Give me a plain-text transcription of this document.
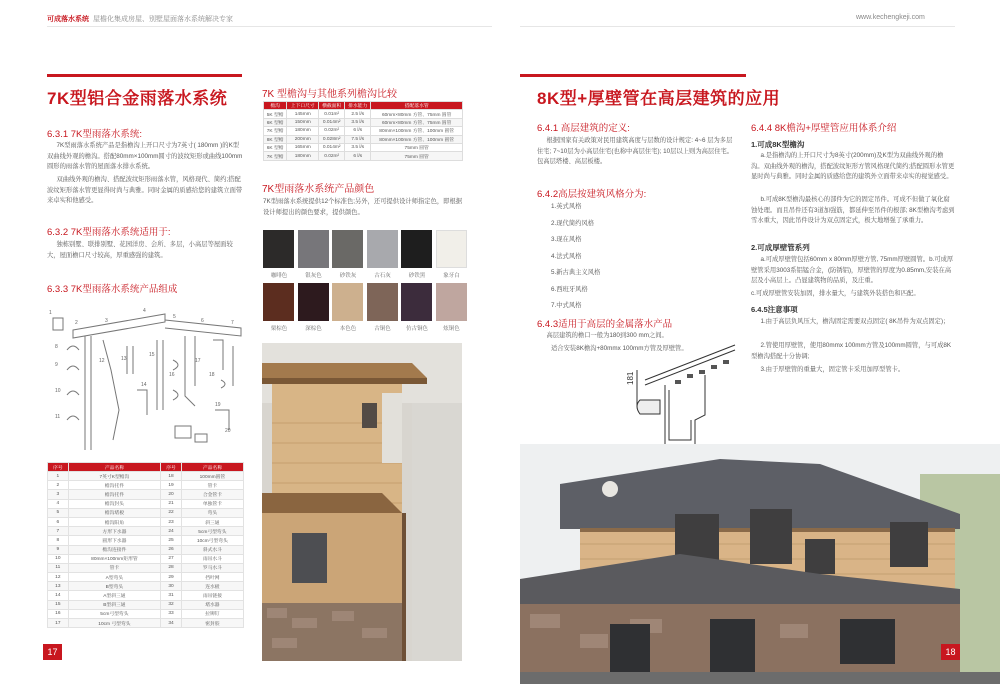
可成落水系统 屋檐化集成房屋、别墅屋面落水系统解决专家	www.kechengkeji.com
7K型铝合金雨落水系统
6.3.1 7K型雨落水系统:
7K型雨落水系统产品是指檐沟上开口尺寸为7英寸( 180mm )的K型双曲线外观的檐沟。搭配80mm×100mm圆寸的波纹矩形或曲线100mm圆形的雨落水管的屋面落水排水系统。
双曲线外观的檐沟、搭配波纹矩形雨落水管，风格现代、简约;搭配波纹矩形落水管更显得时尚与典雅。同时金属的质感给您的建筑立面带来卓实和他感受。
6.3.2 7K型雨落水系统适用于:
独栋别墅、联排别墅、花园洋房、会所、多层，小高层等屋面较大，屋面檐口尺寸较高，厚重感强的建筑。
6.3.3 7K型雨落水系统产品组成
1
2	3
4
5
6	7
8
9
10
11
12	13
14
15
16
17
18
19
20
序号	产品名称	序号	产品名称
1	7英寸K型檐沟	18	100mm圆管
2	檐沟托件	19	管卡
3	檐沟托件	20	合金管卡
4	檐沟封头	21	单独管卡
5	檐沟堵板	22	弯头
6	檐沟阳角	23	斜三通
7	方形下水器	24	5cm弓型弯头
8	圆形下水器	25	10cm弓型弯头
9	檐沟连接件	26	斜式水斗
10	80mm×100mm矩形管	27	雨吊水斗
11	管卡	28	罗马水斗
12	A型弯头	29	挡叶网
13	B型弯头	30	连水板
14	A型斜三通	31	雨吊链接
15	B型斜三通	32	堵水器
16	5cm弓型弯头	33	拉铆钉
17	10cm 弓型弯头	34	密封胶
17
7K 型檐沟与其他系列檐沟比较
檐沟	上下口尺寸	横截面积	排水能力	搭配落水管
5K 型檐	145mm	0.01m²	2.5 l/s	60mm×80mm 方管、75mm 圆管
6K 型檐	150mm	0.014m²	3.5 l/s	60mm×80mm 方管、75mm 圆管
7K 型檐	180mm	0.02m²	6 l/s	80mm×100mm 方管、100mm 圆管
8K 型檐	200mm	0.028m²	7.5 l/s	80mm×100mm 方管、100mm 圆管
6K 型檐	165mm	0.014m²	3.5 l/s	75mm 圆管
7K 型檐	180mm	0.02m²	6 l/s	75mm 圆管
7K型雨落水系统产品颜色
7K型雨落水系统提供12个标准色;另外，还可提供设计师指定色，即根据设计师提出的颜色要求，提供颜色。
咖啡色	银灰色	砂铁灰	古石灰	砂铁黑	象牙白
栗棕色	深棕色	本色色	古铜色	仿古铜色	炫铜色
8K型+厚壁管在高层建筑的应用
6.4.1 高层建筑的定义:
根据国家有关政策对民用建筑高度与层数的设计规定: 4~6 层为多层住宅; 7~10层为小高层住宅(也称中高层住宅); 10层以上则为高层住宅。包高层塔楼、高层板楼。
6.4.2高层按建筑风格分为:
1.英式风格
2.现代简约风格
3.现在风格
4.法式风格
5.新古典主义风格
6.西班牙风格
7.中式风格
6.4.3适用于高层的金属落水产品
高层建筑的檐口一般为180到300 mm之间。
适合安装8K檐沟+80mmx 100mm方管及厚壁管。
181
6.4.4 8K檐沟+厚壁管应用体系介绍
1.可成8K型檐沟
a.是指檐沟的上开口尺寸为8英寸(200mm)及K型为双曲线外观的檐沟。双曲线外观的檐沟，搭配波纹矩形方管风格现代简约;搭配圆形水管更显时尚与典雅。同时金属的质感给您的建筑外立面带来卓实的视觉感受。
b.可成8K型檐沟最核心的部件为它的固定吊件。可成不但做了氧化腐蚀处理。而且吊件还有3道加强筋，都延伸至吊件的根部; 8K型檐沟考虑到雪水重大，因此吊件设计为双点固定式，极大地增强了承重力。
2.可成厚壁管系列
a.可成厚壁管包括60mm x 80mm厚壁方管, 75mm厚壁圆管。b.可成厚壁管采用3003系铝锰合金，(防锈铝)，厚壁管的厚度为0.85mm,安装在高层及小高层上。凸显建筑物的品质，及庄重。
c.可成厚壁管安装加固，排水量大，与建筑外装搭色和匹配。
6.4.5注意事项
1.由于高层负风压大，檐沟固定需要双点固定( 8K吊件为双点固定)；
2.管使用厚壁管，使用80mmx 100mm方管及100mm圆管，与可成8K型檐沟搭配十分协调;
3.由于厚壁管的重量大，固定管卡采用加厚型管卡。
18
